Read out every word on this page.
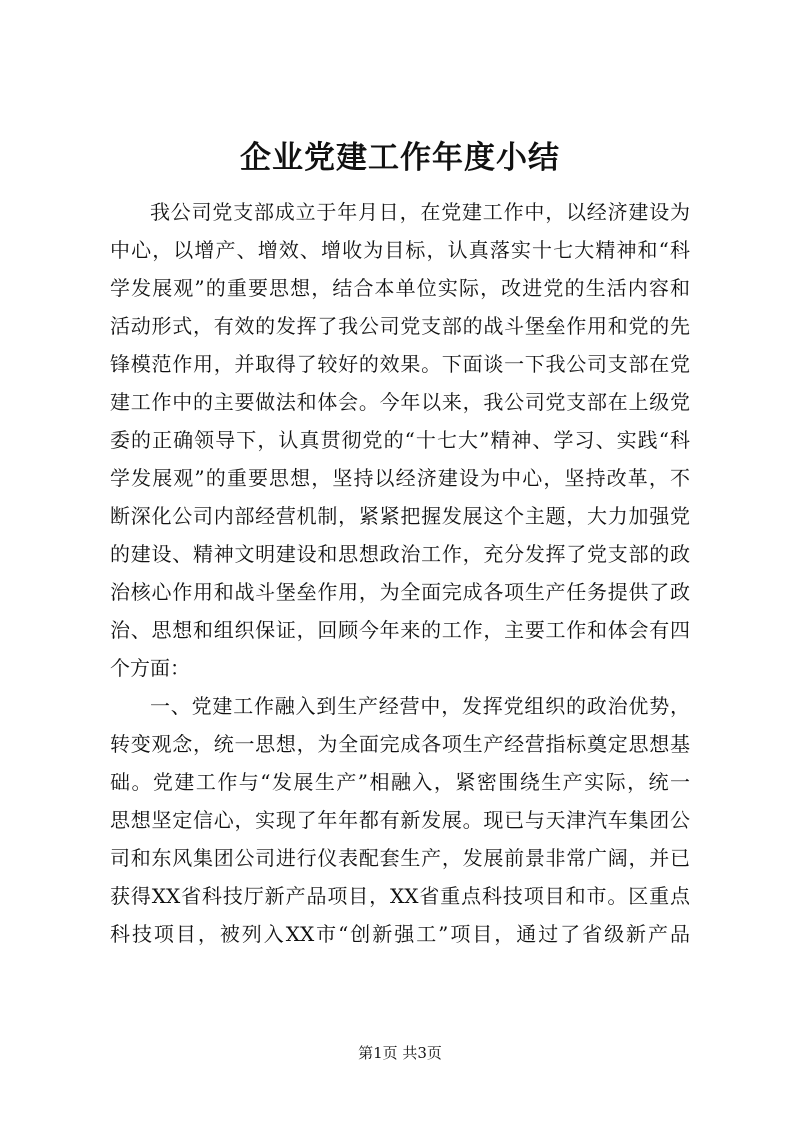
企业党建工作年度小结
我公司党支部成立于年月日，在党建工作中，以经济建设为
中心，以增产、增效、增收为目标，认真落实十七大精神和“科
学发展观”的重要思想，结合本单位实际，改进党的生活内容和
活动形式，有效的发挥了我公司党支部的战斗堡垒作用和党的先
锋模范作用，并取得了较好的效果。下面谈一下我公司支部在党
建工作中的主要做法和体会。今年以来，我公司党支部在上级党
委的正确领导下，认真贯彻党的“十七大”精神、学习、实践“科
学发展观”的重要思想，坚持以经济建设为中心，坚持改革，不
断深化公司内部经营机制，紧紧把握发展这个主题，大力加强党
的建设、精神文明建设和思想政治工作，充分发挥了党支部的政
治核心作用和战斗堡垒作用，为全面完成各项生产任务提供了政
治、思想和组织保证，回顾今年来的工作，主要工作和体会有四
个方面：
一、党建工作融入到生产经营中，发挥党组织的政治优势，
转变观念，统一思想，为全面完成各项生产经营指标奠定思想基
础。党建工作与“发展生产”相融入，紧密围绕生产实际，统一
思想坚定信心，实现了年年都有新发展。现已与天津汽车集团公
司和东风集团公司进行仪表配套生产，发展前景非常广阔，并已
获得XX省科技厅新产品项目，XX省重点科技项目和市。区重点
科技项目，被列入XX市“创新强工”项目，通过了省级新产品

第1页 共3页
